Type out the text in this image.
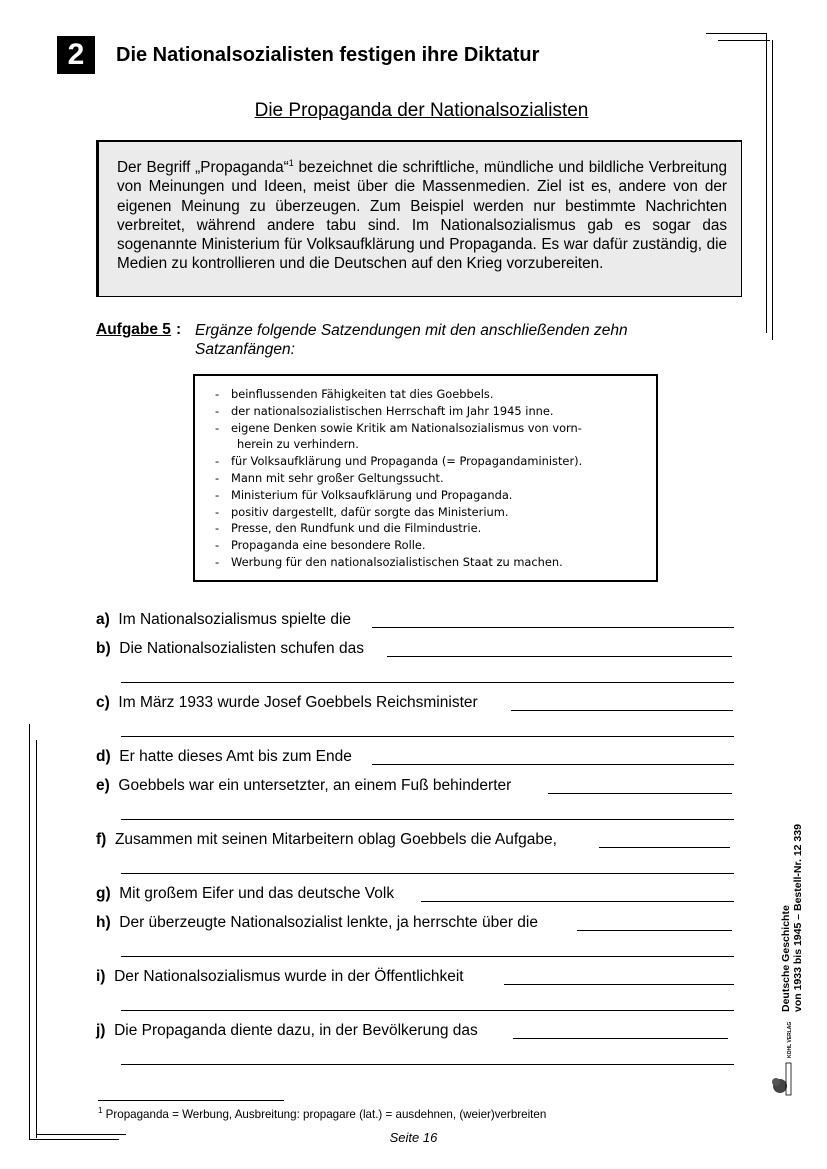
2	Die Nationalsozialisten festigen ihre Diktatur
Die Propaganda der Nationalsozialisten
Der Begriff „Propaganda“$^1$ bezeichnet die schriftliche, mündliche und bildliche Verbreitung von Meinungen und Ideen, meist über die Massenmedien. Ziel ist es, andere von der eigenen Meinung zu überzeugen. Zum Beispiel werden nur bestimmte Nachrichten verbreitet, während andere tabu sind. Im Nationalsozialismus gab es sogar das sogenannte Ministerium für Volksaufklärung und Propaganda. Es war dafür zuständig, die Medien zu kontrollieren und die Deutschen auf den Krieg vorzubereiten.
Aufgabe 5 : Ergänze folgende Satzendungen mit den anschließenden zehn Satzanfängen:
- beinflussenden Fähigkeiten tat dies Goebbels.
- der nationalsozialistischen Herrschaft im Jahr 1945 inne.
- eigene Denken sowie Kritik am Nationalsozialismus von vorn-
herein zu verhindern.
- für Volksaufklärung und Propaganda (= Propagandaminister).
- Mann mit sehr großer Geltungssucht.
- Ministerium für Volksaufklärung und Propaganda.
- positiv dargestellt, dafür sorgte das Ministerium.
- Presse, den Rundfunk und die Filmindustrie.
- Propaganda eine besondere Rolle.
- Werbung für den nationalsozialistischen Staat zu machen.
a) Im Nationalsozialismus spielte die
b) Die Nationalsozialisten schufen das
c) Im März 1933 wurde Josef Goebbels Reichsminister
d) Er hatte dieses Amt bis zum Ende
e) Goebbels war ein untersetzter, an einem Fuß behinderter
f) Zusammen mit seinen Mitarbeitern oblag Goebbels die Aufgabe,
g) Mit großem Eifer und das deutsche Volk
h) Der überzeugte Nationalsozialist lenkte, ja herrschte über die
i) Der Nationalsozialismus wurde in der Öffentlichkeit
j) Die Propaganda diente dazu, in der Bevölkerung das
$^1$ Propaganda = Werbung, Ausbreitung: propagare (lat.) = ausdehnen, (weier)verbreiten
Seite 16
Deutsche Geschichte von 1933 bis 1945 – Bestell-Nr. 12 339
KOHL VERLAG
